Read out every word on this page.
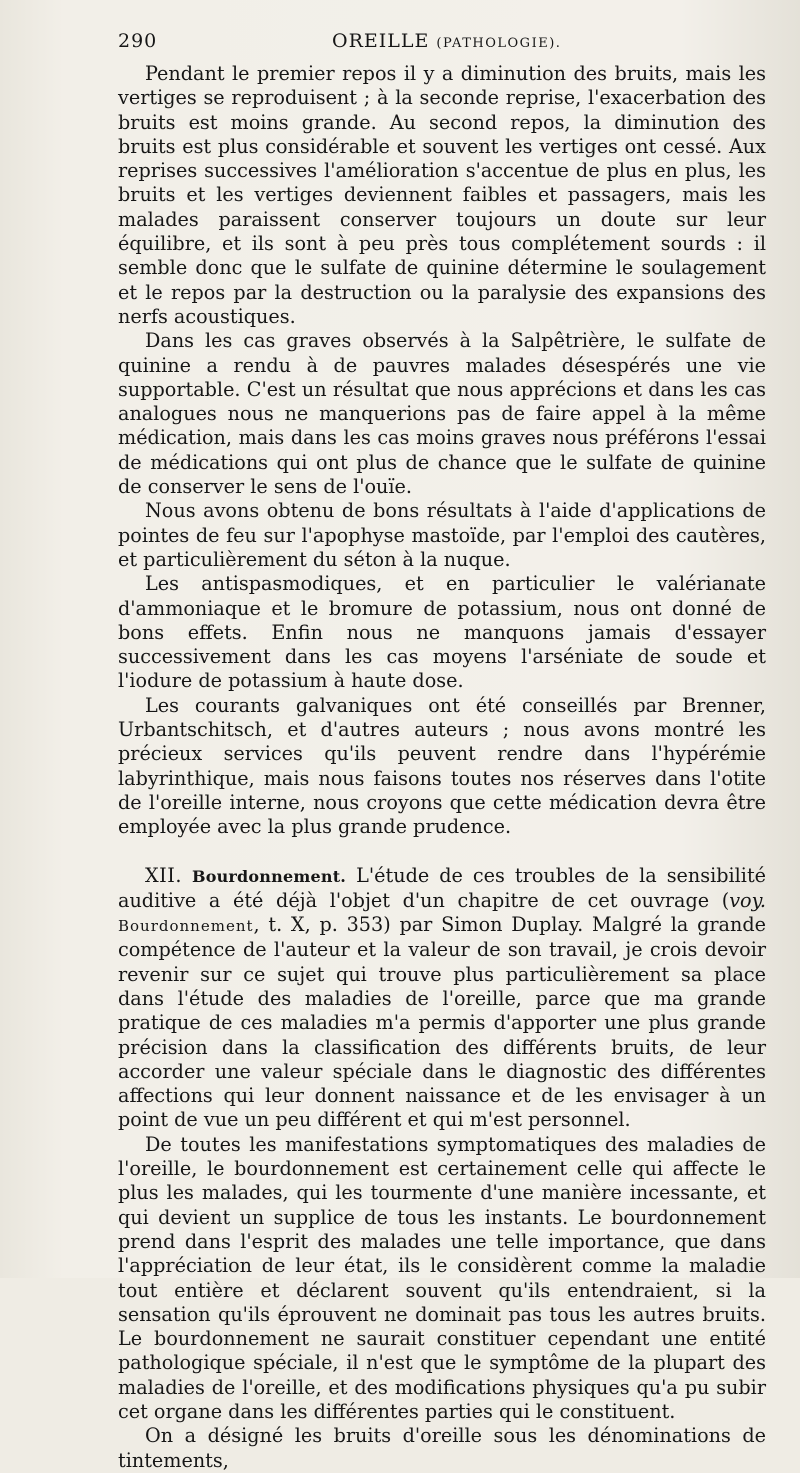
290	OREILLE (PATHOLOGIE).

Pendant le premier repos il y a diminution des bruits, mais les vertiges se reproduisent ; à la seconde reprise, l'exacerbation des bruits est moins grande. Au second repos, la diminution des bruits est plus considérable et souvent les vertiges ont cessé. Aux reprises successives l'amélioration s'accentue de plus en plus, les bruits et les vertiges deviennent faibles et passagers, mais les malades paraissent conserver toujours un doute sur leur équilibre, et ils sont à peu près tous complétement sourds : il semble donc que le sulfate de quinine détermine le soulagement et le repos par la destruction ou la paralysie des expansions des nerfs acoustiques.

Dans les cas graves observés à la Salpêtrière, le sulfate de quinine a rendu à de pauvres malades désespérés une vie supportable. C'est un résultat que nous apprécions et dans les cas analogues nous ne manquerions pas de faire appel à la même médication, mais dans les cas moins graves nous préférons l'essai de médications qui ont plus de chance que le sulfate de quinine de conserver le sens de l'ouïe.

Nous avons obtenu de bons résultats à l'aide d'applications de pointes de feu sur l'apophyse mastoïde, par l'emploi des cautères, et particulièrement du séton à la nuque.

Les antispasmodiques, et en particulier le valérianate d'ammoniaque et le bromure de potassium, nous ont donné de bons effets. Enfin nous ne manquons jamais d'essayer successivement dans les cas moyens l'arséniate de soude et l'iodure de potassium à haute dose.

Les courants galvaniques ont été conseillés par Brenner, Urbantschitsch, et d'autres auteurs ; nous avons montré les précieux services qu'ils peuvent rendre dans l'hypérémie labyrinthique, mais nous faisons toutes nos réserves dans l'otite de l'oreille interne, nous croyons que cette médication devra être employée avec la plus grande prudence.

XII. Bourdonnement. L'étude de ces troubles de la sensibilité auditive a été déjà l'objet d'un chapitre de cet ouvrage (voy. Bourdonnement, t. X, p. 353) par Simon Duplay. Malgré la grande compétence de l'auteur et la valeur de son travail, je crois devoir revenir sur ce sujet qui trouve plus particulièrement sa place dans l'étude des maladies de l'oreille, parce que ma grande pratique de ces maladies m'a permis d'apporter une plus grande précision dans la classification des différents bruits, de leur accorder une valeur spéciale dans le diagnostic des différentes affections qui leur donnent naissance et de les envisager à un point de vue un peu différent et qui m'est personnel.

De toutes les manifestations symptomatiques des maladies de l'oreille, le bourdonnement est certainement celle qui affecte le plus les malades, qui les tourmente d'une manière incessante, et qui devient un supplice de tous les instants. Le bourdonnement prend dans l'esprit des malades une telle importance, que dans l'appréciation de leur état, ils le considèrent comme la maladie tout entière et déclarent souvent qu'ils entendraient, si la sensation qu'ils éprouvent ne dominait pas tous les autres bruits. Le bourdonnement ne saurait constituer cependant une entité pathologique spéciale, il n'est que le symptôme de la plupart des maladies de l'oreille, et des modifications physiques qu'a pu subir cet organe dans les différentes parties qui le constituent.

On a désigné les bruits d'oreille sous les dénominations de tintements,
